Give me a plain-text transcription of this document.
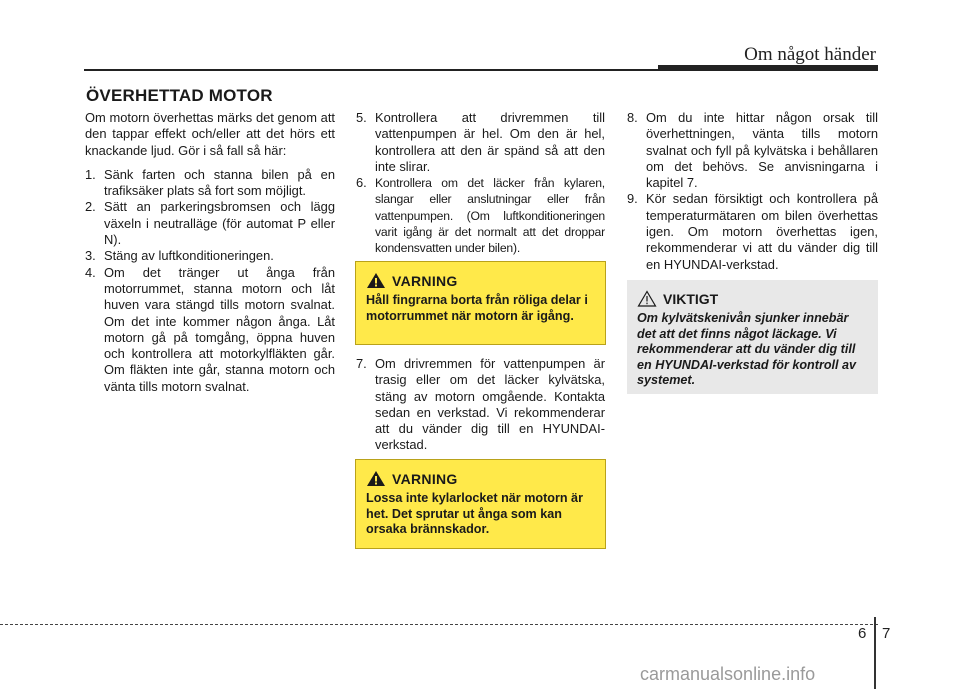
Om något händer
ÖVERHETTAD MOTOR

Om motorn överhettas märks det genom att den tappar effekt och/eller att det hörs ett knackande ljud. Gör i så fall så här:

1. Sänk farten och stanna bilen på en trafiksäker plats så fort som möjligt.
2. Sätt an parkeringsbromsen och lägg växeln i neutralläge (för automat P eller N).
3. Stäng av luftkonditioneringen.
4. Om det tränger ut ånga från motorrummet, stanna motorn och låt huven vara stängd tills motorn svalnat. Om det inte kommer någon ånga. Låt motorn gå på tomgång, öppna huven och kontrollera att motorkylfläkten går. Om fläkten inte går, stanna motorn och vänta tills motorn svalnat.
5. Kontrollera att drivremmen till vattenpumpen är hel. Om den är hel, kontrollera att den är spänd så att den inte slirar.
6. Kontrollera om det läcker från kylaren, slangar eller anslutningar eller från vattenpumpen. (Om luftkonditioneringen varit igång är det normalt att det droppar kondensvatten under bilen).
VARNING
Håll fingrarna borta från röliga delar i motorrummet när motorn är igång.
7. Om drivremmen för vattenpumpen är trasig eller om det läcker kylvätska, stäng av motorn omgående. Kontakta sedan en verkstad. Vi rekommenderar att du vänder dig till en HYUNDAI-verkstad.
VARNING
Lossa inte kylarlocket när motorn är het. Det sprutar ut ånga som kan orsaka brännskador.
8. Om du inte hittar någon orsak till överhettningen, vänta tills motorn svalnat och fyll på kylvätska i behållaren om det behövs. Se anvisningarna i kapitel 7.
9. Kör sedan försiktigt och kontrollera på temperaturmätaren om bilen överhettas igen. Om motorn överhettas igen, rekommenderar vi att du vänder dig till en HYUNDAI-verkstad.
VIKTIGT
Om kylvätskenivån sjunker innebär det att det finns något läckage. Vi rekommenderar att du vänder dig till en HYUNDAI-verkstad för kontroll av systemet.
6 7
carmanualsonline.info
